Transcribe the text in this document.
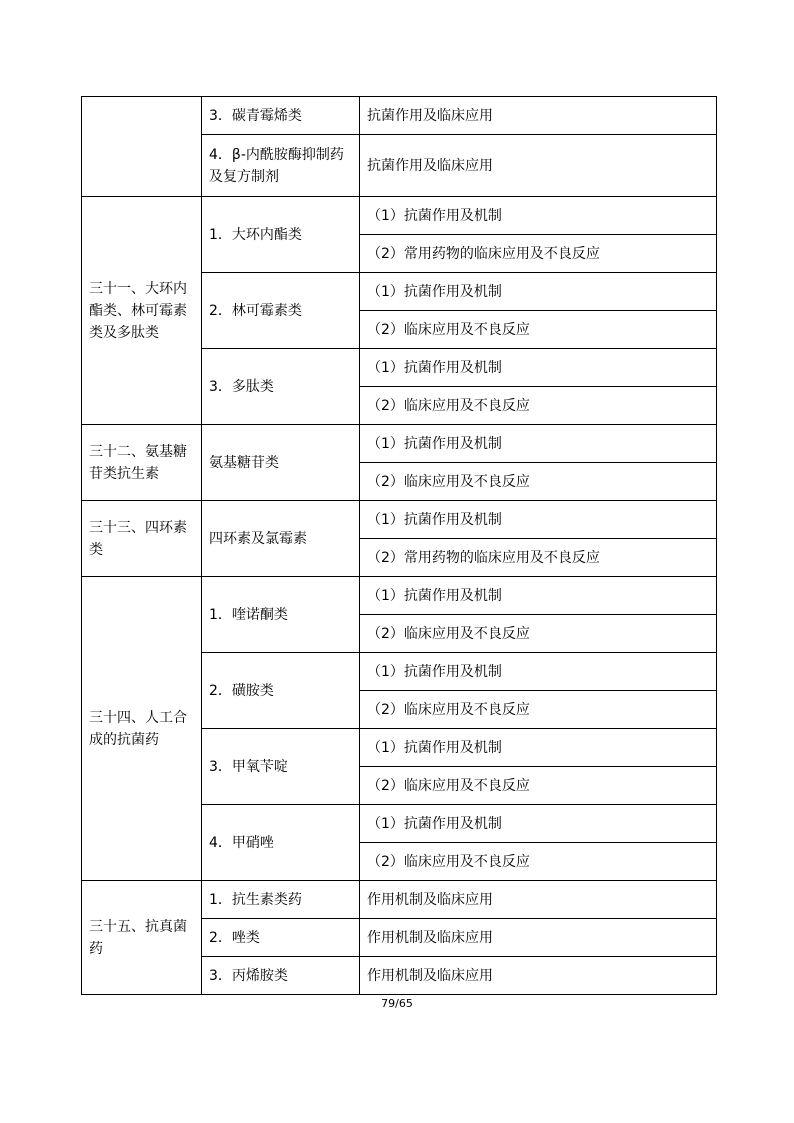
	3．碳青霉烯类	抗菌作用及临床应用
	4．β-内酰胺酶抑制药及复方制剂	抗菌作用及临床应用
三十一、大环内酯类、林可霉素类及多肽类	1．大环内酯类	（1）抗菌作用及机制
		（2）常用药物的临床应用及不良反应
	2．林可霉素类	（1）抗菌作用及机制
		（2）临床应用及不良反应
	3．多肽类	（1）抗菌作用及机制
		（2）临床应用及不良反应
三十二、氨基糖苷类抗生素	氨基糖苷类	（1）抗菌作用及机制
		（2）临床应用及不良反应
三十三、四环素类	四环素及氯霉素	（1）抗菌作用及机制
		（2）常用药物的临床应用及不良反应
三十四、人工合成的抗菌药	1．喹诺酮类	（1）抗菌作用及机制
		（2）临床应用及不良反应
	2．磺胺类	（1）抗菌作用及机制
		（2）临床应用及不良反应
	3．甲氧苄啶	（1）抗菌作用及机制
		（2）临床应用及不良反应
	4．甲硝唑	（1）抗菌作用及机制
		（2）临床应用及不良反应
三十五、抗真菌药	1．抗生素类药	作用机制及临床应用
	2．唑类	作用机制及临床应用
	3．丙烯胺类	作用机制及临床应用
79/65
